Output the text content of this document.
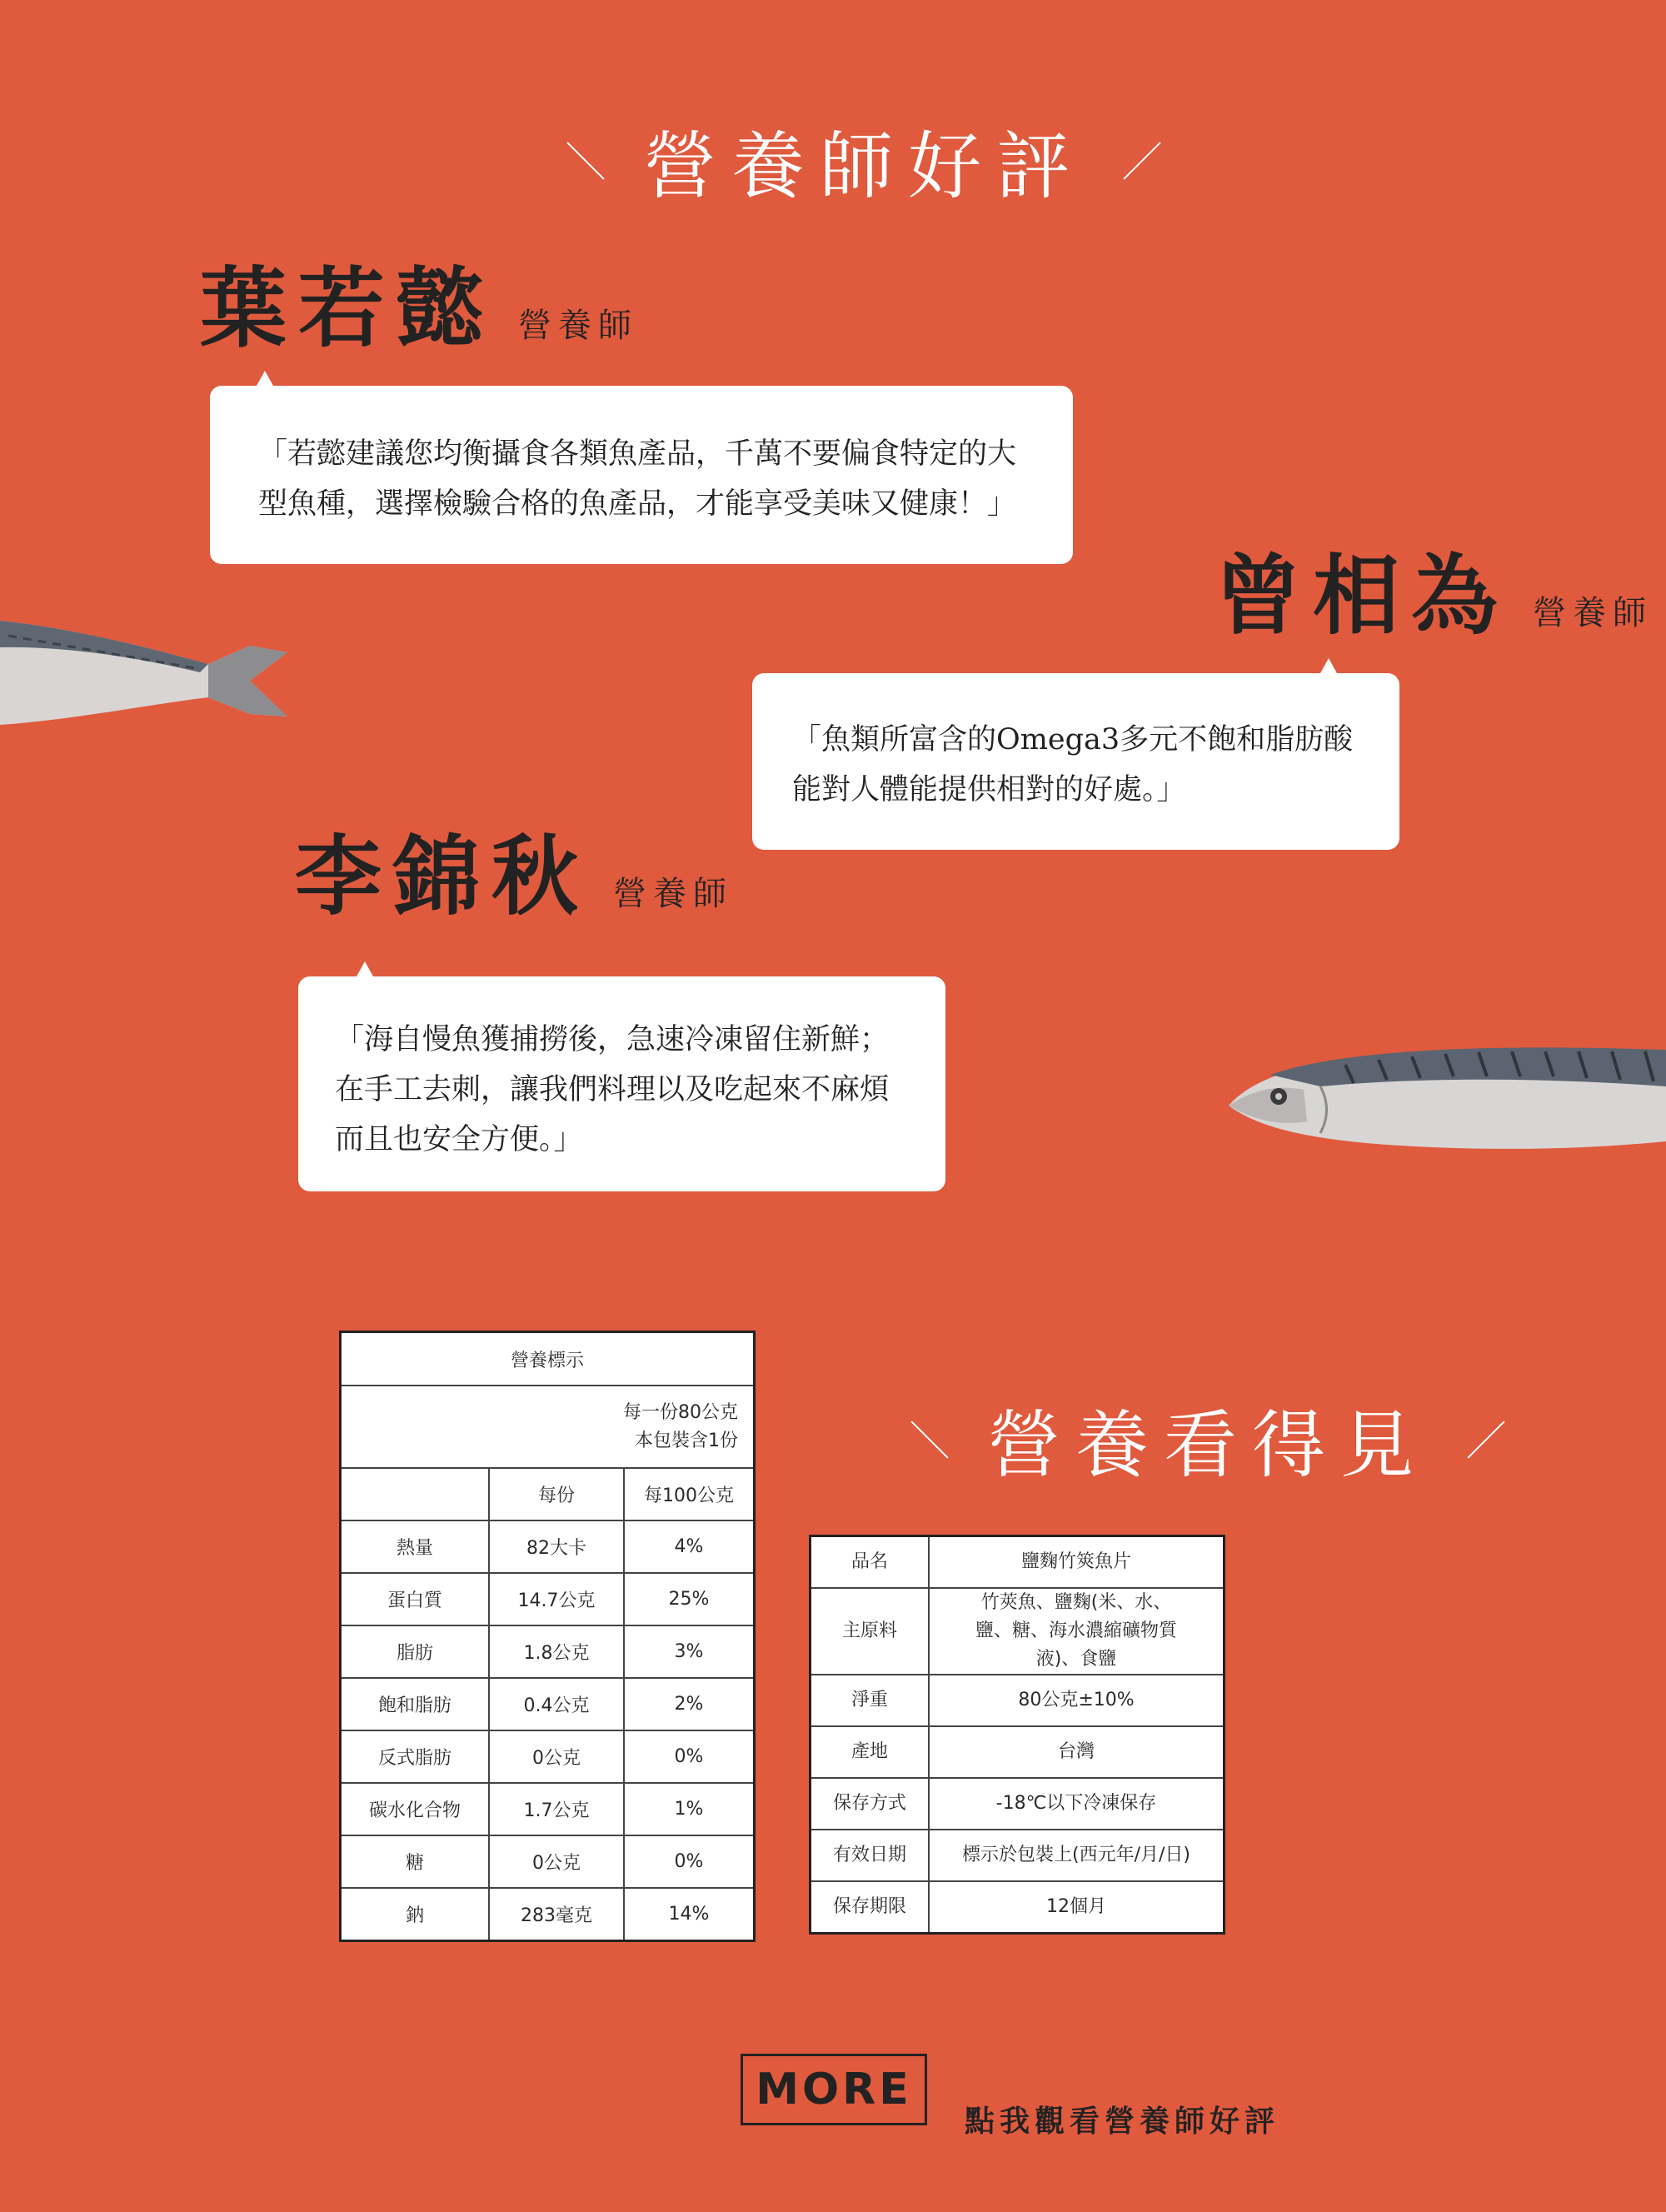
營養師好評
葉若懿 營養師
「若懿建議您均衡攝食各類魚產品，千萬不要偏食特定的大型魚種，選擇檢驗合格的魚產品，才能享受美味又健康！」
曾相為 營養師
「魚類所富含的Omega3多元不飽和脂肪酸能對人體能提供相對的好處。」
李錦秋 營養師
「海自慢魚獲捕撈後，急速冷凍留住新鮮；在手工去刺，讓我們料理以及吃起來不麻煩而且也安全方便。」
營養標示		

每一份80公克
本包裝含1份		

	每份	每100公克
熱量	82大卡	4%
蛋白質	14.7公克	25%
脂肪	1.8公克	3%
飽和脂肪	0.4公克	2%
反式脂肪	0公克	0%
碳水化合物	1.7公克	1%
糖	0公克	0%
鈉	283毫克	14%
營養看得見
品名	鹽麴竹筴魚片
主原料	竹莢魚、鹽麴(米、水、鹽、糖、海水濃縮礦物質液)、食鹽
淨重	80公克±10%
產地	台灣
保存方式	-18℃以下冷凍保存
有效日期	標示於包裝上(西元年/月/日)
保存期限	12個月
MORE
點我觀看營養師好評
